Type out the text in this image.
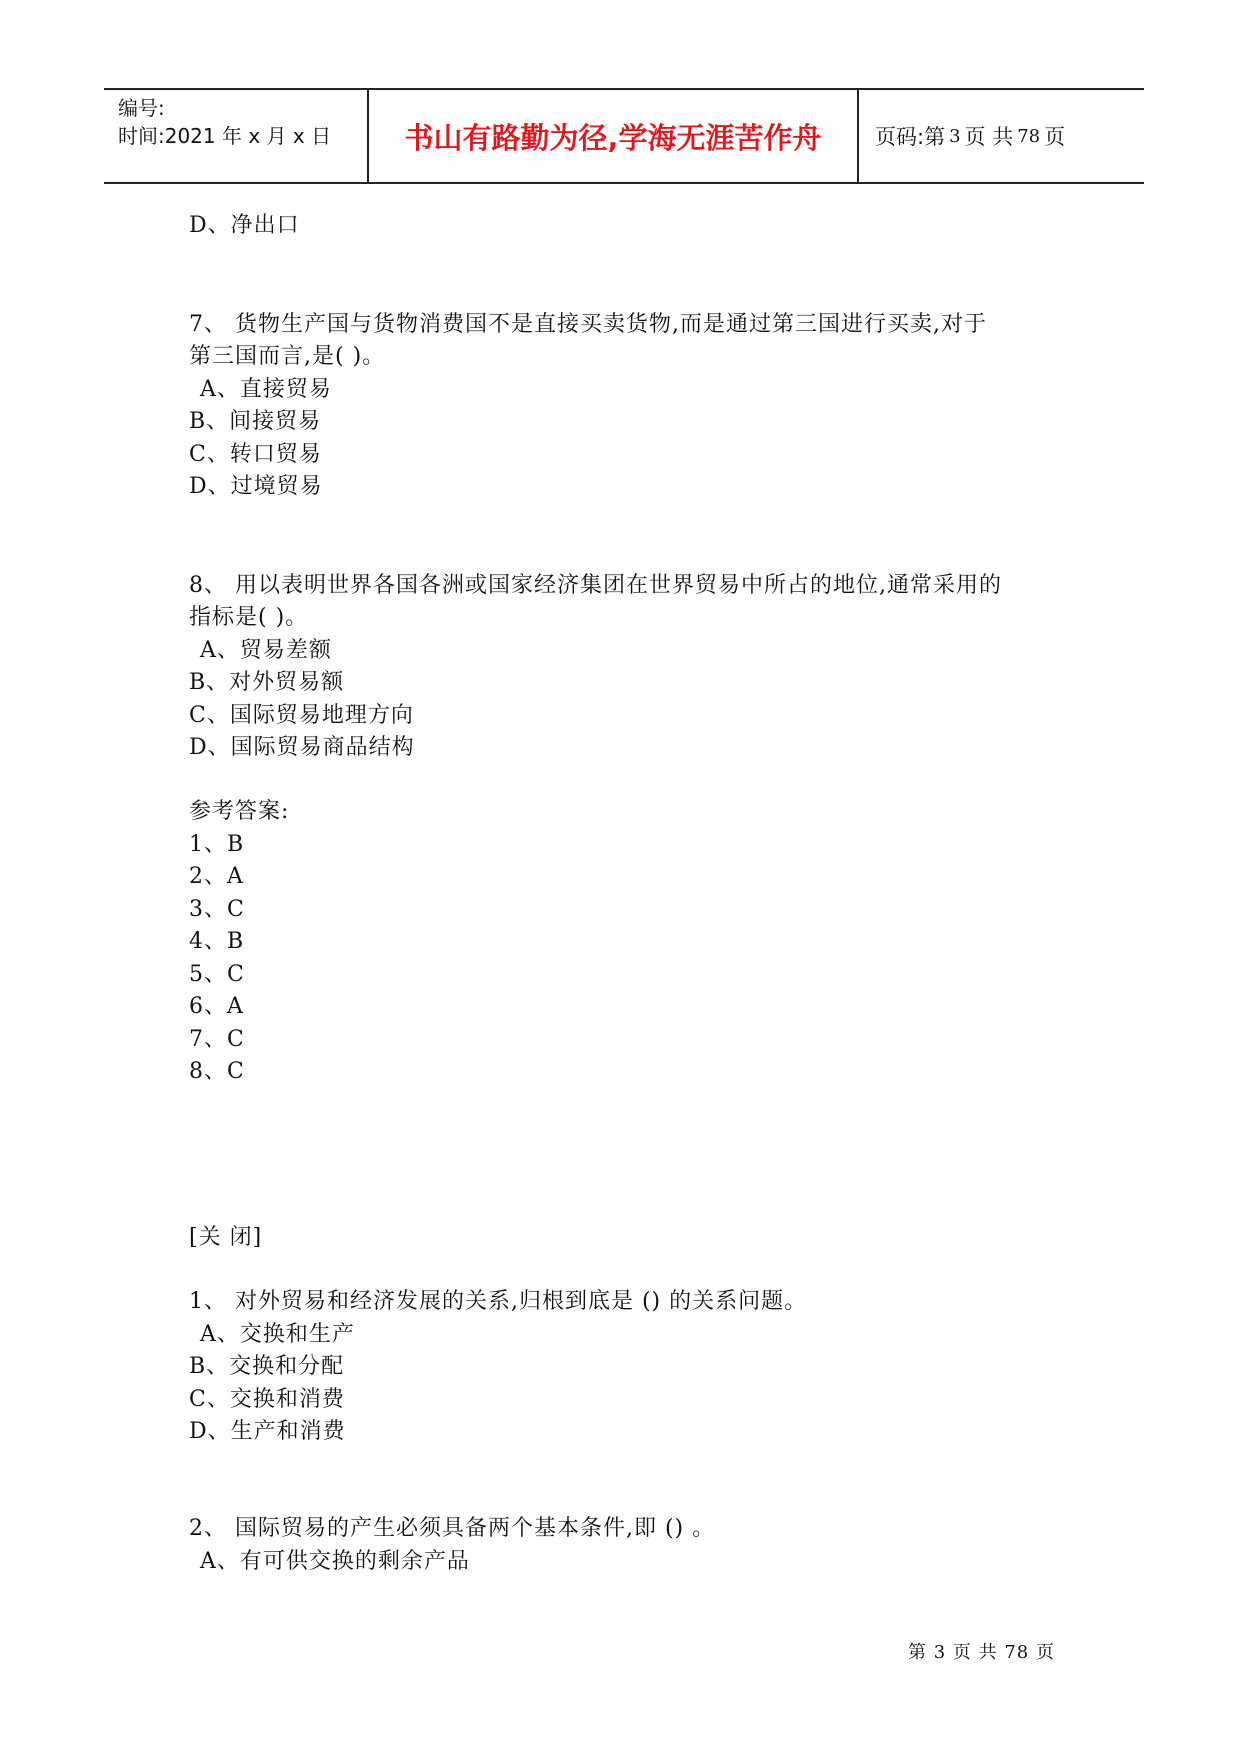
编号:
时间:2021 年 x 月 x 日	书山有路勤为径,学海无涯苦作舟	页码:第 3 页 共 78 页
D、净出口
7、 货物生产国与货物消费国不是直接买卖货物,而是通过第三国进行买卖,对于
第三国而言,是( )。
A、直接贸易
B、间接贸易
C、转口贸易
D、过境贸易
8、 用以表明世界各国各洲或国家经济集团在世界贸易中所占的地位,通常采用的
指标是( )。
A、贸易差额
B、对外贸易额
C、国际贸易地理方向
D、国际贸易商品结构
参考答案:
1、B
2、A
3、C
4、B
5、C
6、A
7、C
8、C
[关 闭]
1、 对外贸易和经济发展的关系,归根到底是 () 的关系问题。
A、交换和生产
B、交换和分配
C、交换和消费
D、生产和消费
2、 国际贸易的产生必须具备两个基本条件,即 () 。
A、有可供交换的剩余产品
第 3 页 共 78 页
